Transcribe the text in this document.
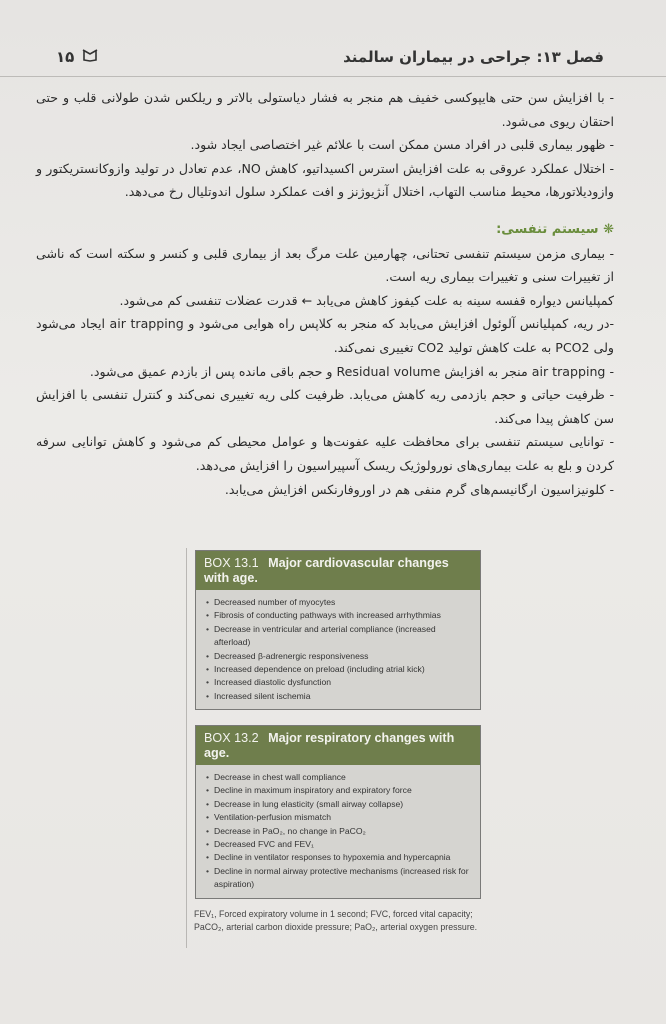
فصل ۱۳: جراحی در بیماران سالمند
۱۵

- با افزایش سن حتی هایپوکسی خفیف هم منجر به فشار دیاستولی بالاتر و ریلکس شدن طولانی قلب و حتی احتقان ریوی می‌شود.

- ظهور بیماری قلبی در افراد مسن ممکن است با علائم غیر اختصاصی ایجاد شود.

- اختلال عملکرد عروقی به علت افزایش استرس اکسیداتیو، کاهش NO، عدم تعادل در تولید وازوکانستریکتور و وازودیلاتورها، محیط مناسب التهاب، اختلال آنژیوژنز و افت عملکرد سلول اندوتلیال رخ می‌دهد.

❋ سیستم تنفسی:

- بیماری مزمن سیستم تنفسی تحتانی، چهارمین علت مرگ بعد از بیماری قلبی و کنسر و سکته است که ناشی از تغییرات سنی و تغییرات بیماری ریه است.

کمپلیانس دیواره قفسه سینه به علت کیفوز کاهش می‌یابد ← قدرت عضلات تنفسی کم می‌شود.

-در ریه، کمپلیانس آلوئول افزایش می‌یابد که منجر به کلاپس راه هوایی می‌شود و air trapping ایجاد می‌شود ولی PCO2 به علت کاهش تولید CO2 تغییری نمی‌کند.

- air trapping منجر به افزایش Residual volume و حجم باقی مانده پس از بازدم عمیق می‌شود.

- ظرفیت حیاتی و حجم بازدمی ریه کاهش می‌یابد. ظرفیت کلی ریه تغییری نمی‌کند و کنترل تنفسی با افزایش سن کاهش پیدا می‌کند.

- توانایی سیستم تنفسی برای محافظت علیه عفونت‌ها و عوامل محیطی کم می‌شود و کاهش توانایی سرفه کردن و بلع به علت بیماری‌های نورولوژیک ریسک آسپیراسیون را افزایش می‌دهد.

- کلونیزاسیون ارگانیسم‌های گرم منفی هم در اوروفارنکس افزایش می‌یابد.

BOX 13.1 Major cardiovascular changes with age.
• Decreased number of myocytes
• Fibrosis of conducting pathways with increased arrhythmias
• Decrease in ventricular and arterial compliance (increased afterload)
• Decreased β-adrenergic responsiveness
• Increased dependence on preload (including atrial kick)
• Increased diastolic dysfunction
• Increased silent ischemia
BOX 13.2 Major respiratory changes with age.
• Decrease in chest wall compliance
• Decline in maximum inspiratory and expiratory force
• Decrease in lung elasticity (small airway collapse)
• Ventilation-perfusion mismatch
• Decrease in PaO₂, no change in PaCO₂
• Decreased FVC and FEV₁
• Decline in ventilator responses to hypoxemia and hypercapnia
• Decline in normal airway protective mechanisms (increased risk for aspiration)
FEV₁, Forced expiratory volume in 1 second; FVC, forced vital capacity; PaCO₂, arterial carbon dioxide pressure; PaO₂, arterial oxygen pressure.
